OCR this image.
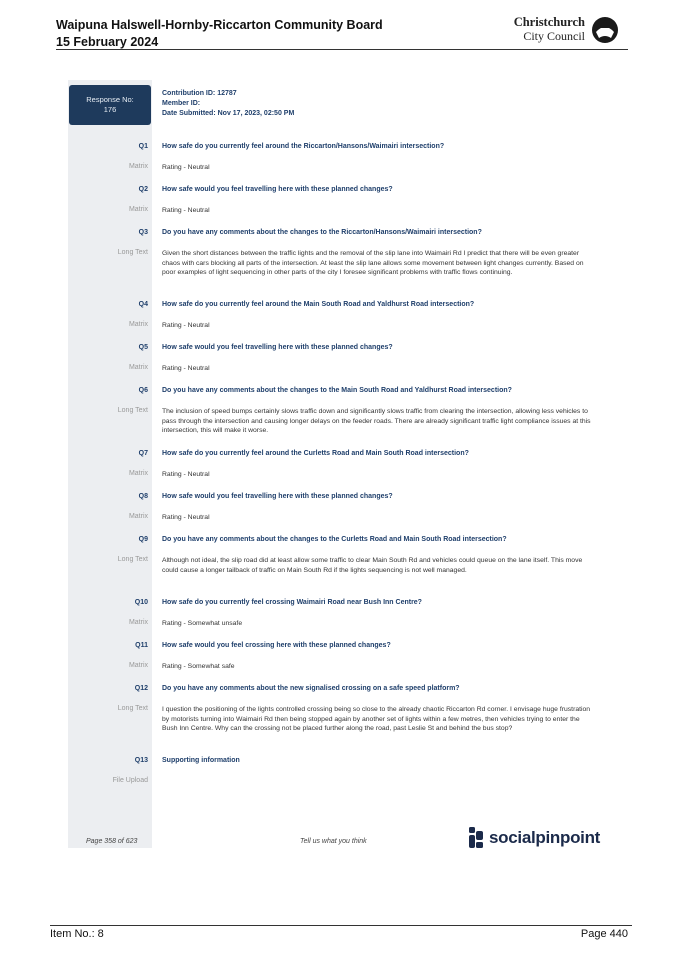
Waipuna Halswell-Hornby-Riccarton Community Board
15 February 2024
Christchurch
City Council
Response No:
176
Contribution ID: 12787
Member ID:
Date Submitted: Nov 17, 2023, 02:50 PM
Q1 How safe do you currently feel around the Riccarton/Hansons/Waimairi intersection?
Matrix Rating - Neutral
Q2 How safe would you feel travelling here with these planned changes?
Matrix Rating - Neutral
Q3 Do you have any comments about the changes to the Riccarton/Hansons/Waimairi intersection?
Long Text Given the short distances between the traffic lights and the removal of the slip lane into Waimairi Rd I predict that there will be even greater chaos with cars blocking all parts of the intersection. At least the slip lane allows some movement between light changes currently. Based on poor examples of light sequencing in other parts of the city I foresee significant problems with traffic flows continuing.
Q4 How safe do you currently feel around the Main South Road and Yaldhurst Road intersection?
Matrix Rating - Neutral
Q5 How safe would you feel travelling here with these planned changes?
Matrix Rating - Neutral
Q6 Do you have any comments about the changes to the Main South Road and Yaldhurst Road intersection?
Long Text The inclusion of speed bumps certainly slows traffic down and significantly slows traffic from clearing the intersection, allowing less vehicles to pass through the intersection and causing longer delays on the feeder roads. There are already significant traffic light compliance issues at this intersection, this will make it worse.
Q7 How safe do you currently feel around the Curletts Road and Main South Road intersection?
Matrix Rating - Neutral
Q8 How safe would you feel travelling here with these planned changes?
Matrix Rating - Neutral
Q9 Do you have any comments about the changes to the Curletts Road and Main South Road intersection?
Long Text Although not ideal, the slip road did at least allow some traffic to clear Main South Rd and vehicles could queue on the lane itself. This move could cause a longer tailback of traffic on Main South Rd if the lights sequencing is not well managed.
Q10 How safe do you currently feel crossing Waimairi Road near Bush Inn Centre?
Matrix Rating - Somewhat unsafe
Q11 How safe would you feel crossing here with these planned changes?
Matrix Rating - Somewhat safe
Q12 Do you have any comments about the new signalised crossing on a safe speed platform?
Long Text I question the positioning of the lights controlled crossing being so close to the already chaotic Riccarton Rd corner. I envisage huge frustration by motorists turning into Waimairi Rd then being stopped again by another set of lights within a few metres, then vehicles trying to enter the Bush Inn Centre. Why can the crossing not be placed further along the road, past Leslie St and behind the bus stop?
Q13 Supporting information
File Upload
Page 358 of 623	Tell us what you think	socialpinpoint
Item No.: 8	Page 440
